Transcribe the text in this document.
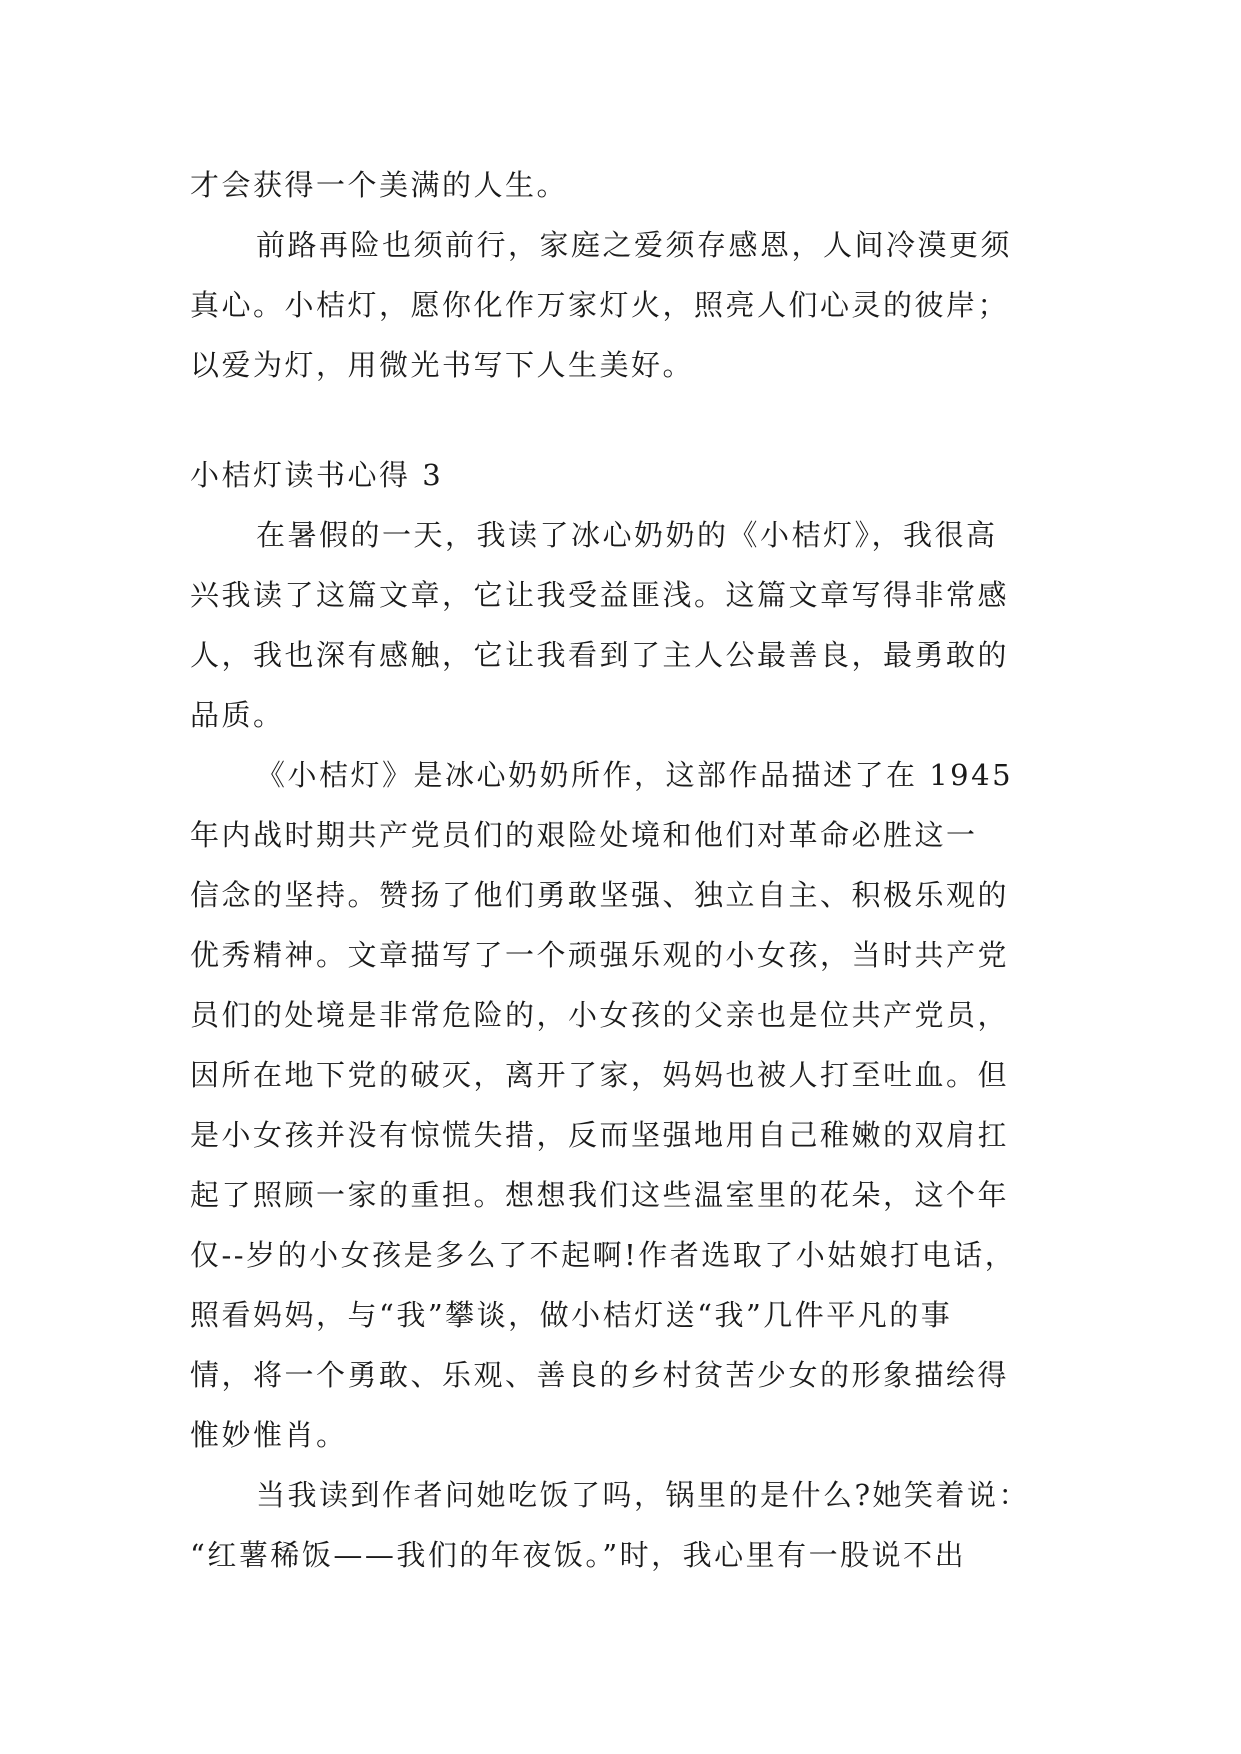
才会获得一个美满的人生。
前路再险也须前行，家庭之爱须存感恩，人间冷漠更须
真心。小桔灯，愿你化作万家灯火，照亮人们心灵的彼岸；
以爱为灯，用微光书写下人生美好。
小桔灯读书心得 3
在暑假的一天，我读了冰心奶奶的《小桔灯》，我很高
兴我读了这篇文章，它让我受益匪浅。这篇文章写得非常感
人，我也深有感触，它让我看到了主人公最善良，最勇敢的
品质。
《小桔灯》是冰心奶奶所作，这部作品描述了在 1945
年内战时期共产党员们的艰险处境和他们对革命必胜这一
信念的坚持。赞扬了他们勇敢坚强、独立自主、积极乐观的
优秀精神。文章描写了一个顽强乐观的小女孩，当时共产党
员们的处境是非常危险的，小女孩的父亲也是位共产党员，
因所在地下党的破灭，离开了家，妈妈也被人打至吐血。但
是小女孩并没有惊慌失措，反而坚强地用自己稚嫩的双肩扛
起了照顾一家的重担。想想我们这些温室里的花朵，这个年
仅--岁的小女孩是多么了不起啊!作者选取了小姑娘打电话，
照看妈妈，与“我”攀谈，做小桔灯送“我”几件平凡的事
情，将一个勇敢、乐观、善良的乡村贫苦少女的形象描绘得
惟妙惟肖。
当我读到作者问她吃饭了吗，锅里的是什么?她笑着说：
“红薯稀饭——我们的年夜饭。”时，我心里有一股说不出
